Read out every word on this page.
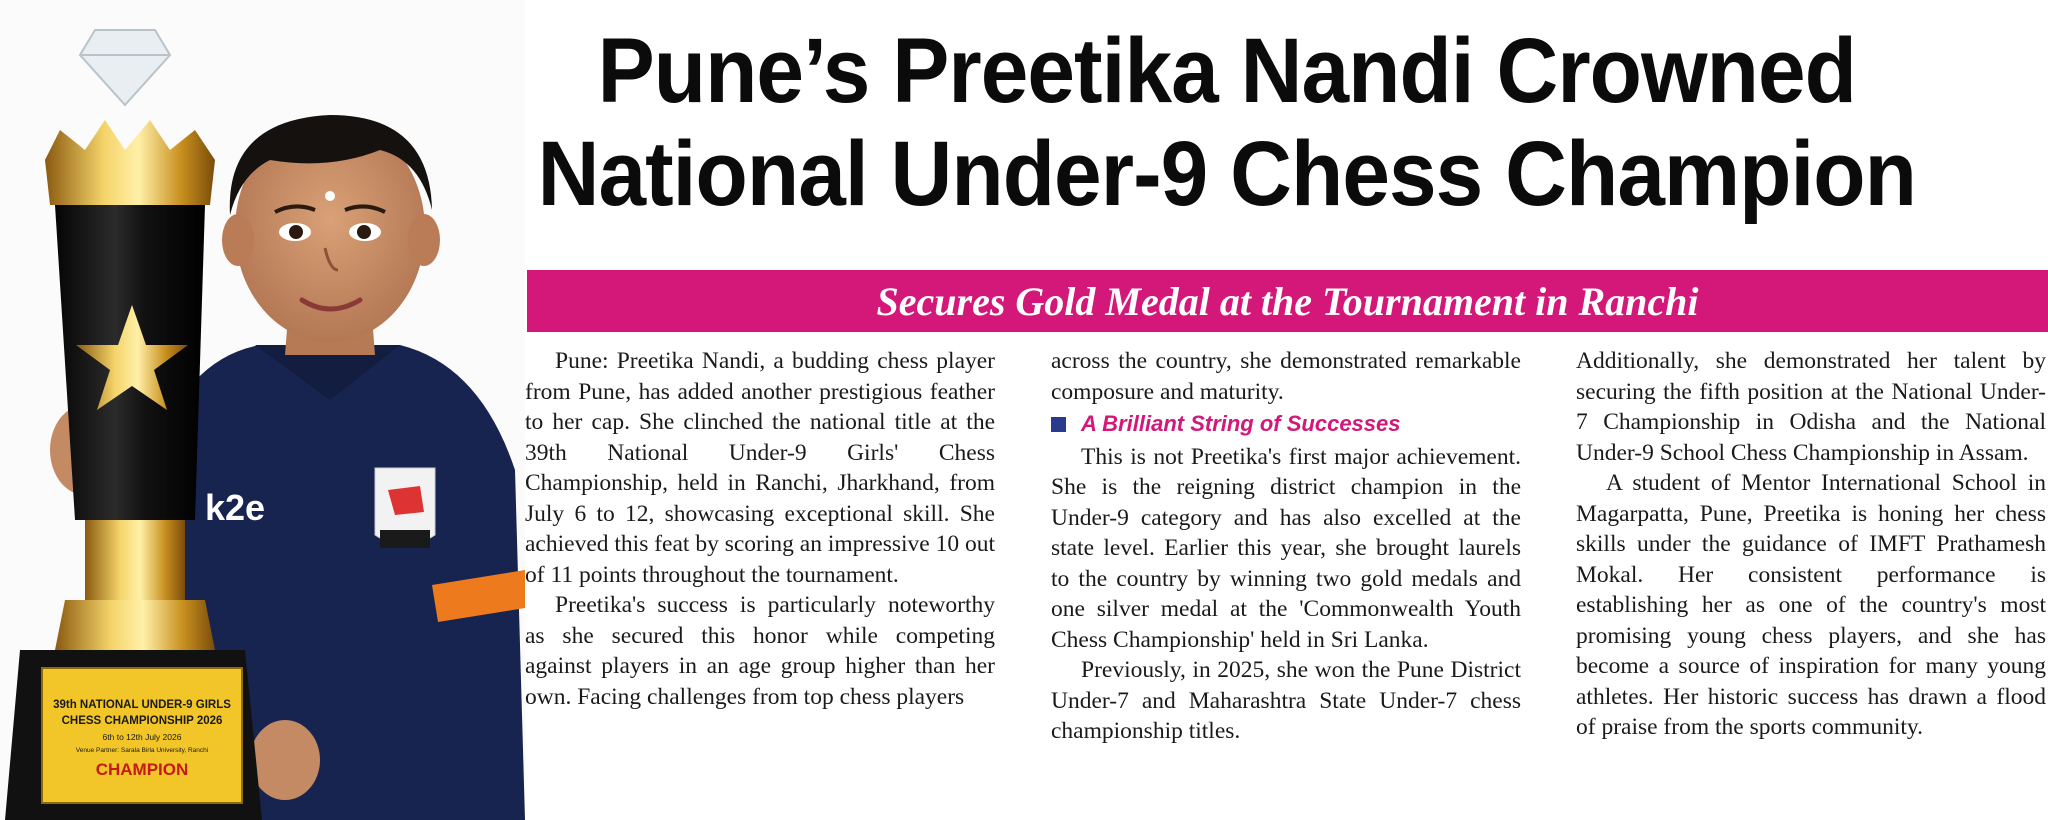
k2e
39th NATIONAL UNDER-9 GIRLS
CHESS CHAMPIONSHIP 2026
6th to 12th July 2026
Venue Partner: Sarala Birla University, Ranchi
CHAMPION
Pune’s Preetika Nandi Crowned
National Under-9 Chess Champion
Secures Gold Medal at the Tournament in Ranchi

Pune: Preetika Nandi, a budding chess player from Pune, has added another prestigious feather to her cap. She clinched the national title at the 39th National Under-9 Girls' Chess Championship, held in Ranchi, Jharkhand, from July 6 to 12, showcasing exceptional skill. She achieved this feat by scoring an impressive 10 out of 11 points throughout the tournament.

Preetika's success is particularly noteworthy as she secured this honor while competing against players in an age group higher than her own. Facing challenges from top chess players

across the country, she demonstrated remarkable composure and maturity.

A Brilliant String of Successes

This is not Preetika's first major achievement. She is the reigning district champion in the Under-9 category and has also excelled at the state level. Earlier this year, she brought laurels to the country by winning two gold medals and one silver medal at the 'Commonwealth Youth Chess Championship' held in Sri Lanka.

Previously, in 2025, she won the Pune District Under-7 and Maharashtra State Under-7 chess championship titles.

Additionally, she demonstrated her talent by securing the fifth position at the National Under-7 Championship in Odisha and the National Under-9 School Chess Championship in Assam.

A student of Mentor International School in Magarpatta, Pune, Preetika is honing her chess skills under the guidance of IMFT Prathamesh Mokal. Her consistent performance is establishing her as one of the country's most promising young chess players, and she has become a source of inspiration for many young athletes. Her historic success has drawn a flood of praise from the sports community.
